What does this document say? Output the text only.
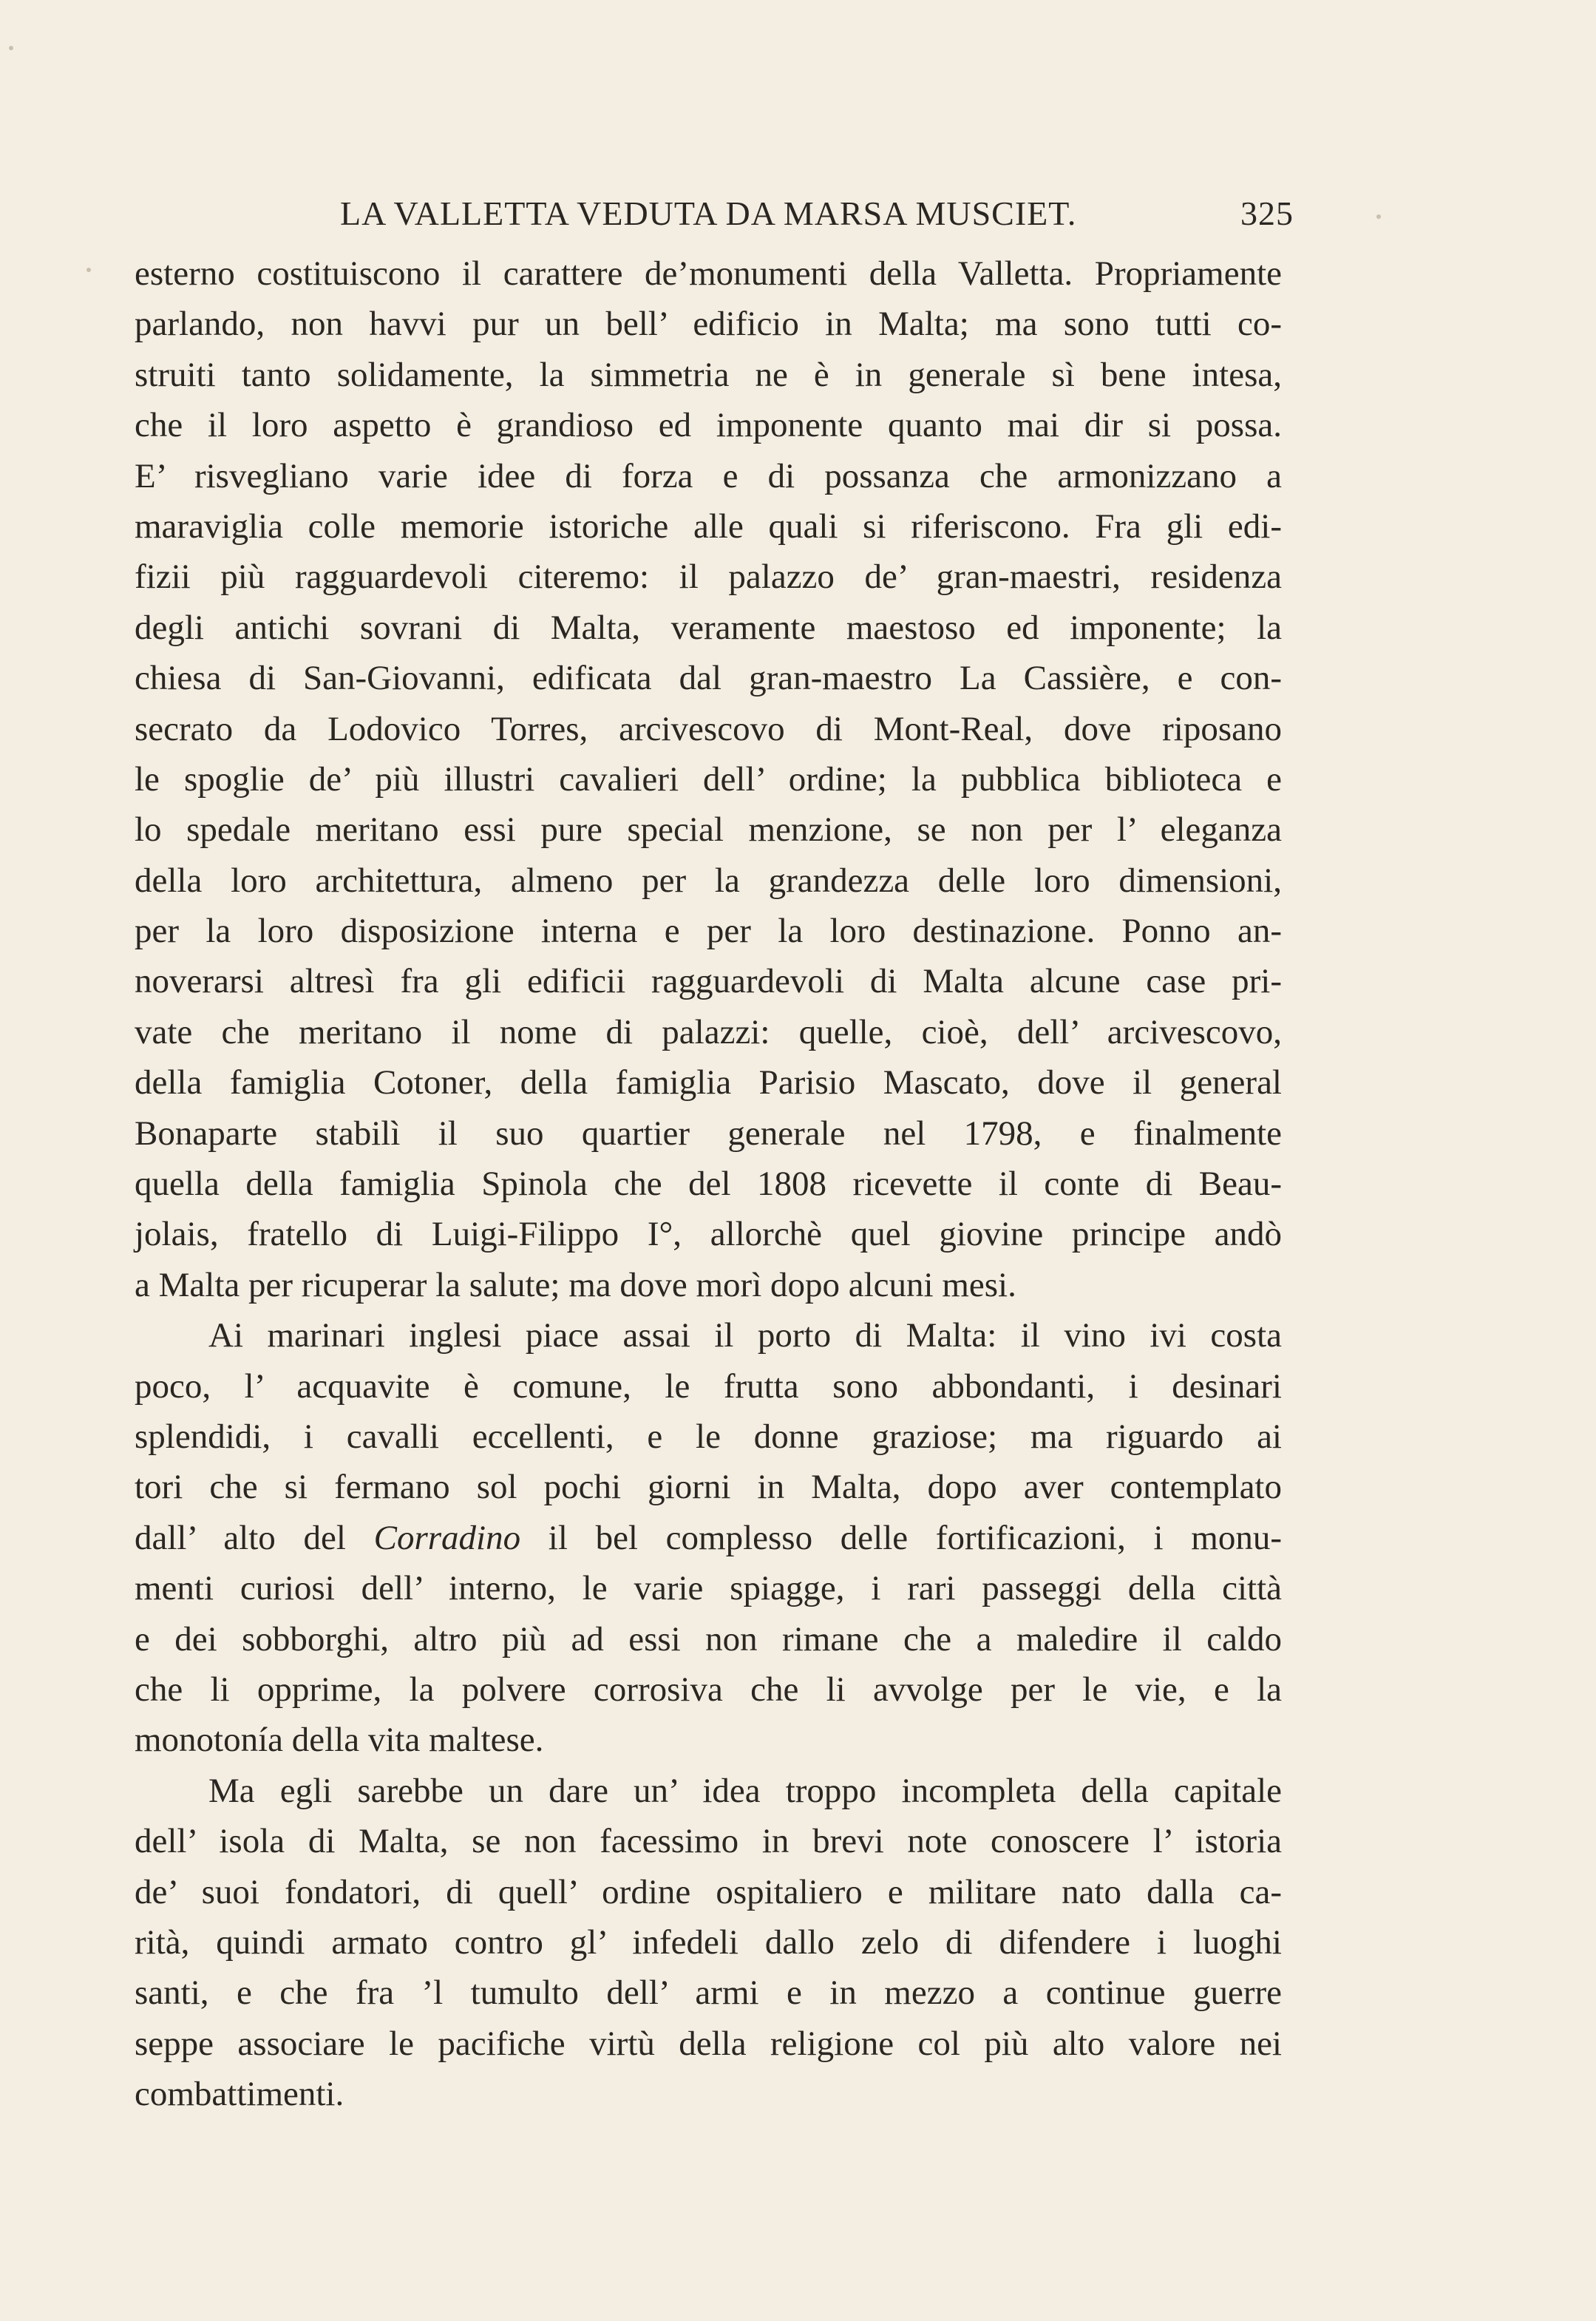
LA VALLETTA VEDUTA DA MARSA MUSCIET.	325
esterno costituiscono il carattere de’monumenti della Valletta. Propriamente
parlando, non havvi pur un bell’ edificio in Malta; ma sono tutti co-
struiti tanto solidamente, la simmetria ne è in generale sì bene intesa,
che il loro aspetto è grandioso ed imponente quanto mai dir si possa.
E’ risvegliano varie idee di forza e di possanza che armonizzano a
maraviglia colle memorie istoriche alle quali si riferiscono. Fra gli edi-
fizii più ragguardevoli citeremo: il palazzo de’ gran-maestri, residenza
degli antichi sovrani di Malta, veramente maestoso ed imponente; la
chiesa di San-Giovanni, edificata dal gran-maestro La Cassière, e con-
secrato da Lodovico Torres, arcivescovo di Mont-Real, dove riposano
le spoglie de’ più illustri cavalieri dell’ ordine; la pubblica biblioteca e
lo spedale meritano essi pure special menzione, se non per l’ eleganza
della loro architettura, almeno per la grandezza delle loro dimensioni,
per la loro disposizione interna e per la loro destinazione. Ponno an-
noverarsi altresì fra gli edificii ragguardevoli di Malta alcune case pri-
vate che meritano il nome di palazzi: quelle, cioè, dell’ arcivescovo,
della famiglia Cotoner, della famiglia Parisio Mascato, dove il general
Bonaparte stabilì il suo quartier generale nel 1798, e finalmente
quella della famiglia Spinola che del 1808 ricevette il conte di Beau-
jolais, fratello di Luigi-Filippo I°, allorchè quel giovine principe andò
a Malta per ricuperar la salute; ma dove morì dopo alcuni mesi.
Ai marinari inglesi piace assai il porto di Malta: il vino ivi costa
poco, l’ acquavite è comune, le frutta sono abbondanti, i desinari
splendidi, i cavalli eccellenti, e le donne graziose; ma riguardo ai
tori che si fermano sol pochi giorni in Malta, dopo aver contemplato
dall’ alto del Corradino il bel complesso delle fortificazioni, i monu-
menti curiosi dell’ interno, le varie spiagge, i rari passeggi della città
e dei sobborghi, altro più ad essi non rimane che a maledire il caldo
che li opprime, la polvere corrosiva che li avvolge per le vie, e la
monotonía della vita maltese.
Ma egli sarebbe un dare un’ idea troppo incompleta della capitale
dell’ isola di Malta, se non facessimo in brevi note conoscere l’ istoria
de’ suoi fondatori, di quell’ ordine ospitaliero e militare nato dalla ca-
rità, quindi armato contro gl’ infedeli dallo zelo di difendere i luoghi
santi, e che fra ’l tumulto dell’ armi e in mezzo a continue guerre
seppe associare le pacifiche virtù della religione col più alto valore nei
combattimenti.
